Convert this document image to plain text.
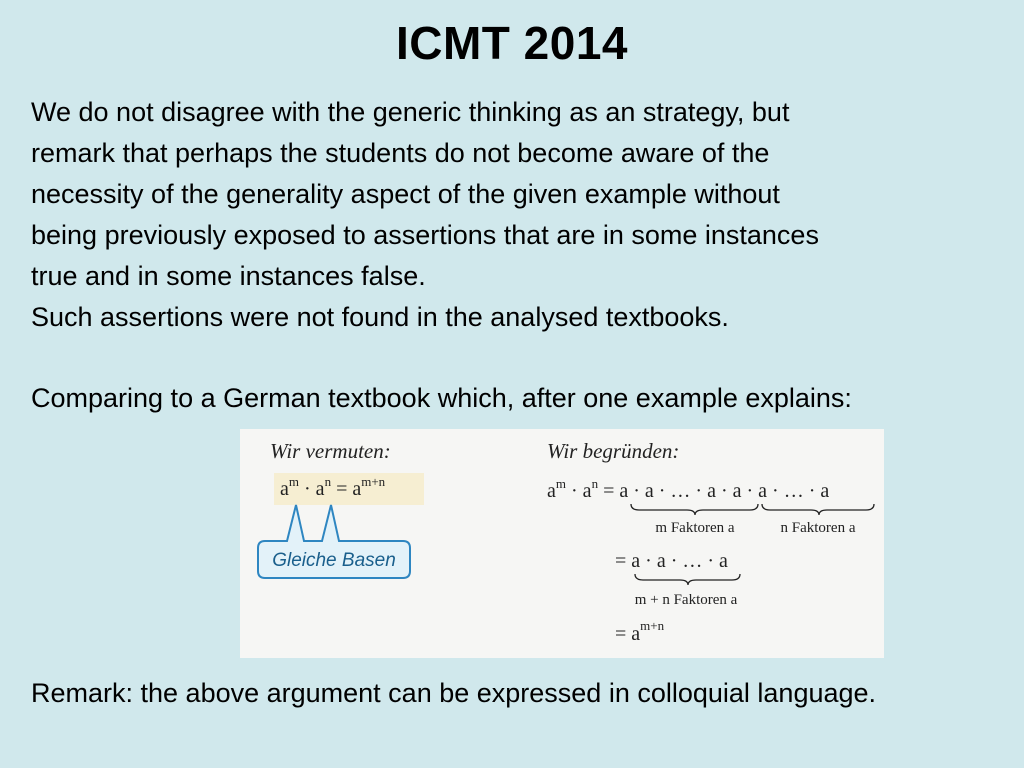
ICMT 2014

We do not disagree with the generic thinking as an strategy, but

remark that perhaps the students do not become aware of the

necessity of the generality aspect of the given example without

being previously exposed to assertions that are in some instances

true and in some instances false.

Such assertions were not found in the analysed textbooks.

Comparing to a German textbook which, after one example explains:

Wir vermuten:
$a^m \cdot a^n = a^{m+n}$
Gleiche Basen
Wir begründen:
$a^m \cdot a^n = a \cdot a$ · … · a · a · a · … · a
m Faktoren a	n Faktoren a
= a · a · … · a
m + n Faktoren a
= $a^{m+n}$

Remark: the above argument can be expressed in colloquial language.
